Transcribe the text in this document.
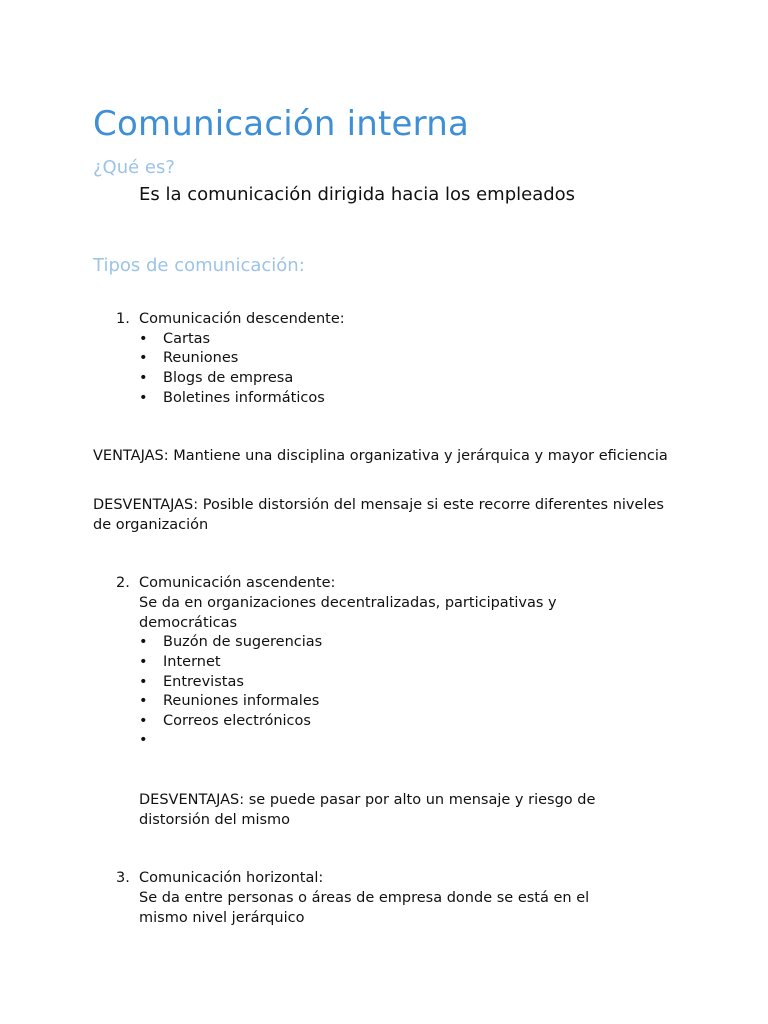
Comunicación interna
¿Qué es?

Es la comunicación dirigida hacia los empleados

Tipos de comunicación:
1. Comunicación descendente:
• Cartas
• Reuniones
• Blogs de empresa
• Boletines informáticos

VENTAJAS: Mantiene una disciplina organizativa y jerárquica y mayor eficiencia

DESVENTAJAS: Posible distorsión del mensaje si este recorre diferentes niveles de organización

2. Comunicación ascendente:
Se da en organizaciones decentralizadas, participativas y democráticas
• Buzón de sugerencias
• Internet
• Entrevistas
• Reuniones informales
• Correos electrónicos
•

DESVENTAJAS: se puede pasar por alto un mensaje y riesgo de distorsión del mismo

3. Comunicación horizontal:
Se da entre personas o áreas de empresa donde se está en el mismo nivel jerárquico
